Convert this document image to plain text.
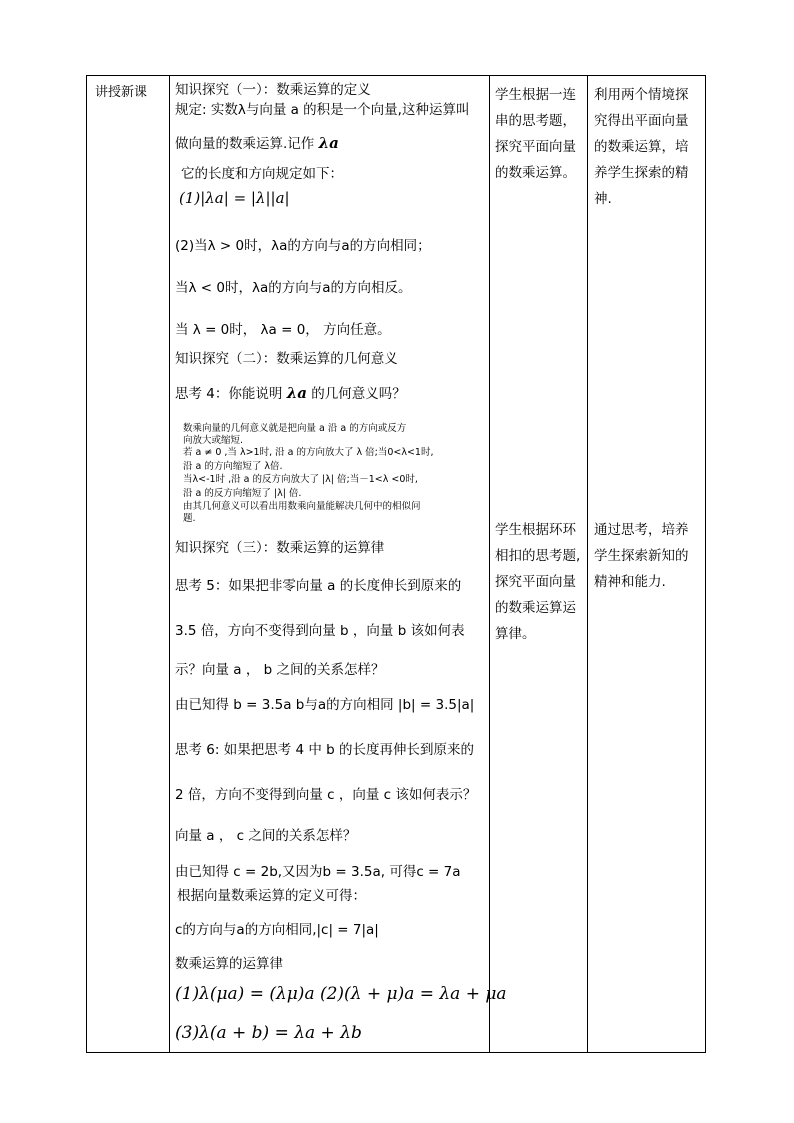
讲授新课	知识探究（一）：数乘运算的定义
规定: 实数λ与向量 a 的积是一个向量,这种运算叫
做向量的数乘运算.记作 λa
它的长度和方向规定如下：
(1)|λa| = |λ||a|
(2)当λ > 0时，λa的方向与a的方向相同；
当λ < 0时，λa的方向与a的方向相反。
当 λ = 0时， λa = 0， 方向任意。
知识探究（二）：数乘运算的几何意义
思考 4：你能说明 λa 的几何意义吗？
数乘向量的几何意义就是把向量 a 沿 a 的方向或反方
向放大或缩短.
若 a ≠ 0 ,当 λ>1时, 沿 a 的方向放大了 λ 倍;当0<λ<1时,
沿 a 的方向缩短了 λ倍.
当λ<-1时 ,沿 a 的反方向放大了 |λ| 倍;当－1<λ <0时,
沿 a 的反方向缩短了 |λ| 倍.
由其几何意义可以看出用数乘向量能解决几何中的相似问
题.
知识探究（三）：数乘运算的运算律
思考 5：如果把非零向量 a 的长度伸长到原来的
3.5 倍，方向不变得到向量 b ，向量 b 该如何表
示？向量 a ， b 之间的关系怎样？
由已知得 b = 3.5a b与a的方向相同 |b| = 3.5|a|
思考 6: 如果把思考 4 中 b 的长度再伸长到原来的
2 倍，方向不变得到向量 c ，向量 c 该如何表示？
向量 a ， c 之间的关系怎样？
由已知得 c = 2b,又因为b = 3.5a, 可得c = 7a
根据向量数乘运算的定义可得：
c的方向与a的方向相同,|c| = 7|a|
数乘运算的运算律
(1)λ(μa) = (λμ)a (2)(λ + μ)a = λa + μa
(3)λ(a + b) = λa + λb
学生根据一连
串的思考题，
探究平面向量
的数乘运算。
利用两个情境探
究得出平面向量
的数乘运算，培
养学生探索的精
神.
学生根据环环
相扣的思考题,
探究平面向量
的数乘运算运
算律。
通过思考，培养
学生探索新知的
精神和能力.
